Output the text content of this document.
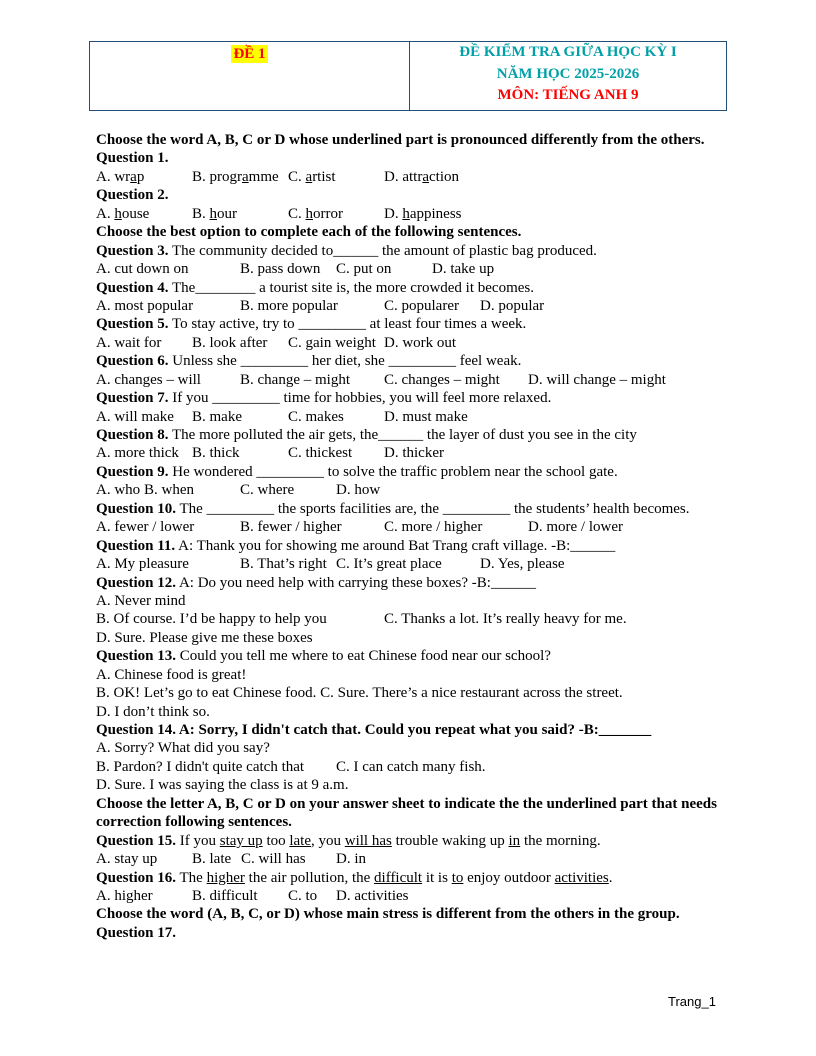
ĐỀ 1	ĐỀ KIỂM TRA GIỮA HỌC KỲ I
NĂM HỌC 2025-2026
MÔN: TIẾNG ANH 9
Choose the word A, B, C or D whose underlined part is pronounced differently from the others.
Question 1.
A. wrap	B. programme C. artist	D. attraction
Question 2.
A. house	B. hour	C. horror	D. happiness
Choose the best option to complete each of the following sentences.
Question 3. The community decided to______ the amount of plastic bag produced.
A. cut down on	B. pass down C. put on	D. take up
Question 4. The________ a tourist site is, the more crowded it becomes.
A. most popular	B. more popular	C. popularer D. popular
Question 5. To stay active, try to _________ at least four times a week.
A. wait for B. look after C. gain weight D. work out
Question 6. Unless she _________ her diet, she _________ feel weak.
A. changes – will	B. change – might C. changes – might D. will change – might
Question 7. If you _________ time for hobbies, you will feel more relaxed.
A. will make B. make	C. makes	D. must make
Question 8. The more polluted the air gets, the______ the layer of dust you see in the city
A. more thick B. thick	C. thickest D. thicker
Question 9. He wondered _________ to solve the traffic problem near the school gate.
A. who B. when	C. where	D. how
Question 10. The _________ the sports facilities are, the _________ the students’ health becomes.
A. fewer / lower	B. fewer / higher	C. more / higher	D. more / lower
Question 11. A: Thank you for showing me around Bat Trang craft village. -B:______
A. My pleasure	B. That’s right C. It’s great place	D. Yes, please
Question 12. A: Do you need help with carrying these boxes? -B:______
A. Never mind
B. Of course. I’d be happy to help you	C. Thanks a lot. It’s really heavy for me.
D. Sure. Please give me these boxes
Question 13. Could you tell me where to eat Chinese food near our school?
A. Chinese food is great!
B. OK! Let’s go to eat Chinese food. C. Sure. There’s a nice restaurant across the street.
D. I don’t think so.
Question 14. A: Sorry, I didn't catch that. Could you repeat what you said? -B:_______
A. Sorry? What did you say?
B. Pardon? I didn't quite catch that C. I can catch many fish.
D. Sure. I was saying the class is at 9 a.m.
Choose the letter A, B, C or D on your answer sheet to indicate the the underlined part that needs correction following sentences.
Question 15. If you stay up too late, you will has trouble waking up in the morning.
A. stay up B. late C. will has D. in
Question 16. The higher the air pollution, the difficult it is to enjoy outdoor activities.
A. higher	B. difficult C. to D. activities
Choose the word (A, B, C, or D) whose main stress is different from the others in the group.
Question 17.
Trang_1
